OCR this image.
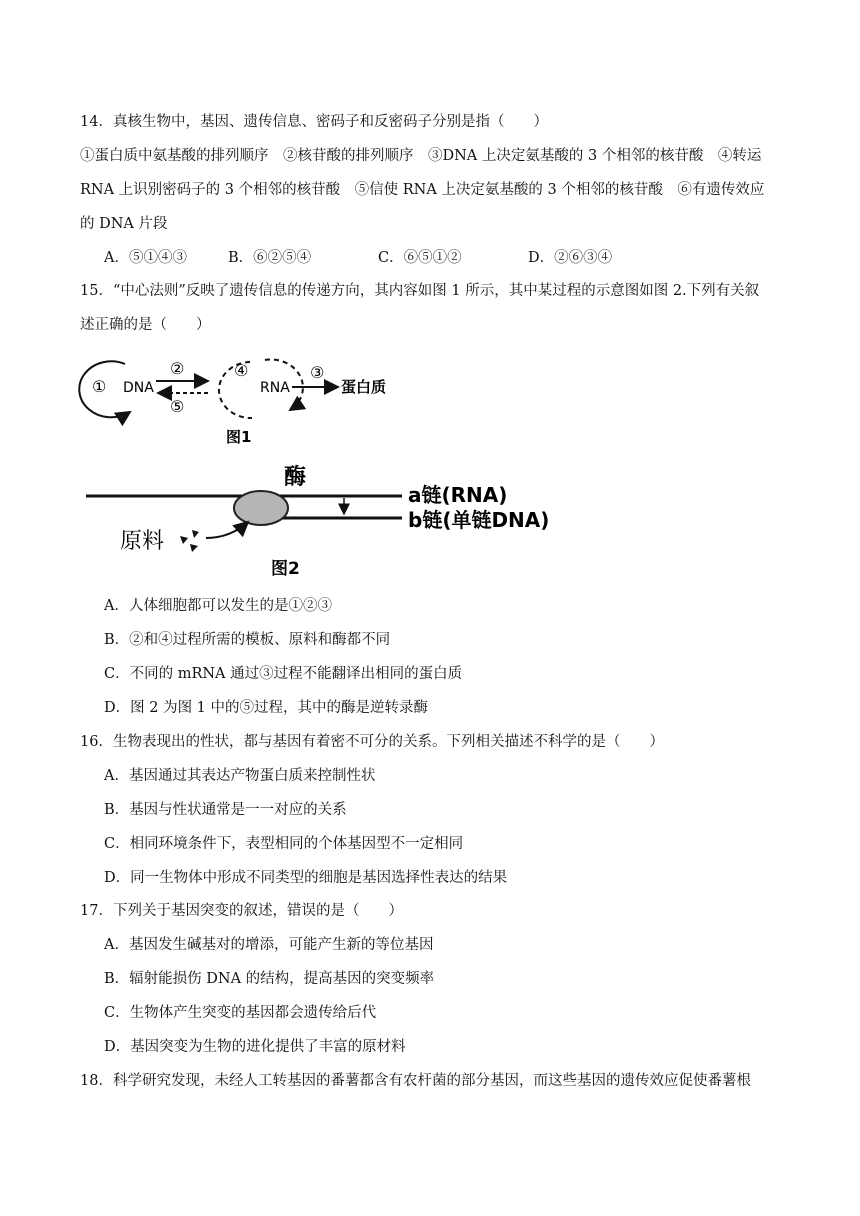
14．真核生物中，基因、遗传信息、密码子和反密码子分别是指（　　）
①蛋白质中氨基酸的排列顺序　②核苷酸的排列顺序　③DNA 上决定氨基酸的 3 个相邻的核苷酸　④转运
RNA 上识别密码子的 3 个相邻的核苷酸　⑤信使 RNA 上决定氨基酸的 3 个相邻的核苷酸　⑥有遗传效应
的 DNA 片段
A．⑤①④③	B．⑥②⑤④	C．⑥⑤①②	D．②⑥③④
15．“中心法则”反映了遗传信息的传递方向，其内容如图 1 所示，其中某过程的示意图如图 2.下列有关叙
述正确的是（　　）
① DNA
②
⑤
④
RNA
③
蛋白质
图1
酶
a链(RNA)
b链(单链DNA)
原料
图2
A．人体细胞都可以发生的是①②③
B．②和④过程所需的模板、原料和酶都不同
C．不同的 mRNA 通过③过程不能翻译出相同的蛋白质
D．图 2 为图 1 中的⑤过程，其中的酶是逆转录酶
16．生物表现出的性状，都与基因有着密不可分的关系。下列相关描述不科学的是（　　）
A．基因通过其表达产物蛋白质来控制性状
B．基因与性状通常是一一对应的关系
C．相同环境条件下，表型相同的个体基因型不一定相同
D．同一生物体中形成不同类型的细胞是基因选择性表达的结果
17．下列关于基因突变的叙述，错误的是（　　）
A．基因发生碱基对的增添，可能产生新的等位基因
B．辐射能损伤 DNA 的结构，提高基因的突变频率
C．生物体产生突变的基因都会遗传给后代
D．基因突变为生物的进化提供了丰富的原材料
18．科学研究发现，未经人工转基因的番薯都含有农杆菌的部分基因，而这些基因的遗传效应促使番薯根
